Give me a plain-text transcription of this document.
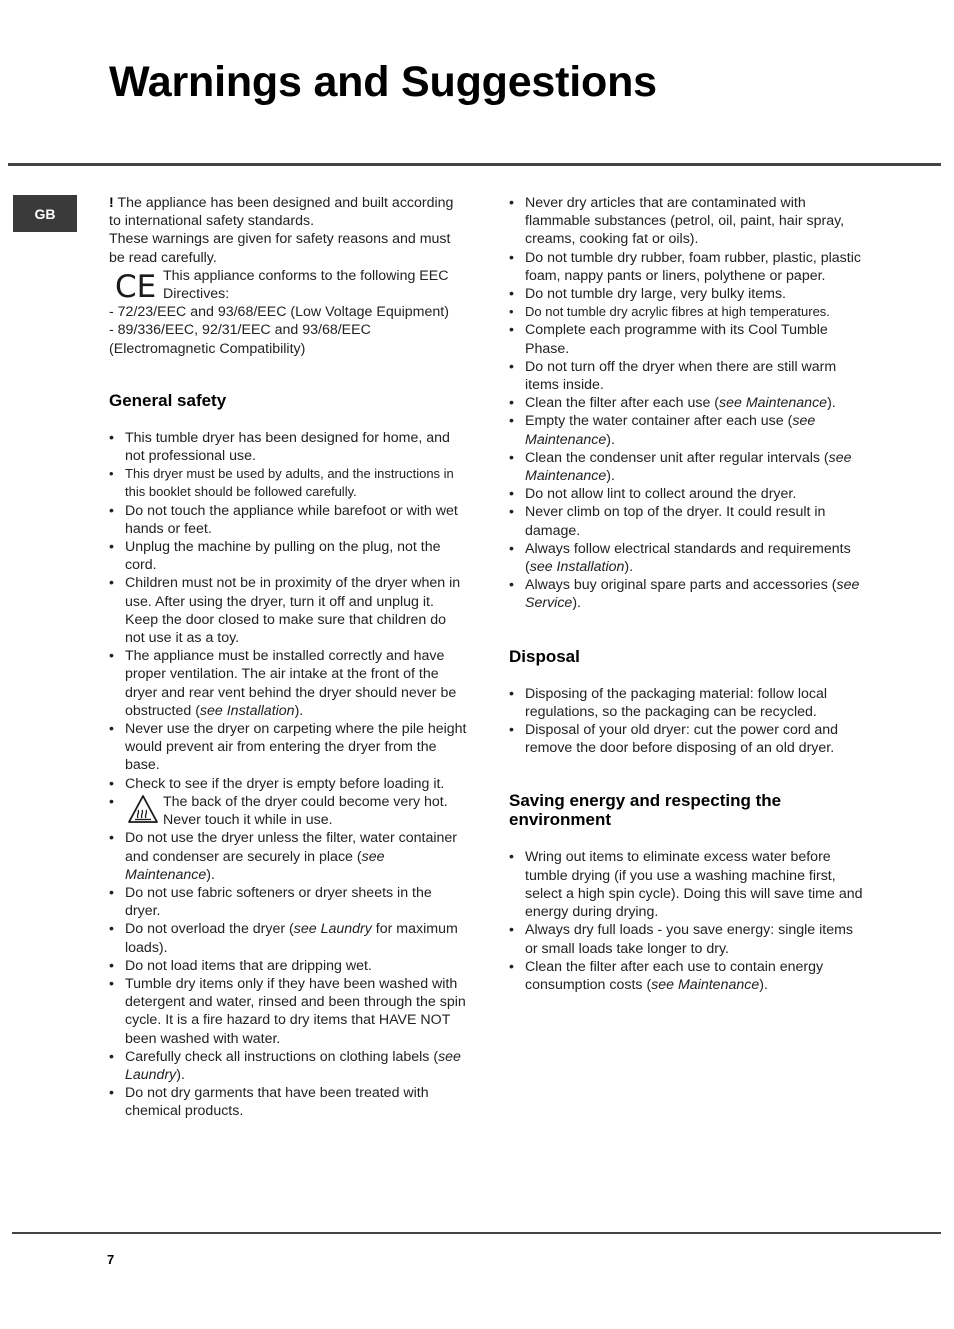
Warnings and Suggestions
GB

! The appliance has been designed and built according to international safety standards.

These warnings are given for safety reasons and must be read carefully.

CE This appliance conforms to the following EEC Directives:

- 72/23/EEC and 93/68/EEC (Low Voltage Equipment)

- 89/336/EEC, 92/31/EEC and 93/68/EEC (Electromagnetic Compatibility)

General safety
• This tumble dryer has been designed for home, and not professional use.
• This dryer must be used by adults, and the instructions in this booklet should be followed carefully.
• Do not touch the appliance while barefoot or with wet hands or feet.
• Unplug the machine by pulling on the plug, not the cord.
• Children must not be in proximity of the dryer when in use. After using the dryer, turn it off and unplug it. Keep the door closed to make sure that children do not use it as a toy.
• The appliance must be installed correctly and have proper ventilation. The air intake at the front of the dryer and rear vent behind the dryer should never be obstructed (see Installation).
• Never use the dryer on carpeting where the pile height would prevent air from entering the dryer from the base.
• Check to see if the dryer is empty before loading it.
• The back of the dryer could become very hot. Never touch it while in use.
• Do not use the dryer unless the filter, water container and condenser are securely in place (see Maintenance).
• Do not use fabric softeners or dryer sheets in the dryer.
• Do not overload the dryer (see Laundry for maximum loads).
• Do not load items that are dripping wet.
• Tumble dry items only if they have been washed with detergent and water, rinsed and been through the spin cycle. It is a fire hazard to dry items that HAVE NOT been washed with water.
• Carefully check all instructions on clothing labels (see Laundry).
• Do not dry garments that have been treated with chemical products.
• Never dry articles that are contaminated with flammable substances (petrol, oil, paint, hair spray, creams, cooking fat or oils).
• Do not tumble dry rubber, foam rubber, plastic, plastic foam, nappy pants or liners, polythene or paper.
• Do not tumble dry large, very bulky items.
• Do not tumble dry acrylic fibres at high temperatures.
• Complete each programme with its Cool Tumble Phase.
• Do not turn off the dryer when there are still warm items inside.
• Clean the filter after each use (see Maintenance).
• Empty the water container after each use (see Maintenance).
• Clean the condenser unit after regular intervals (see Maintenance).
• Do not allow lint to collect around the dryer.
• Never climb on top of the dryer. It could result in damage.
• Always follow electrical standards and requirements (see Installation).
• Always buy original spare parts and accessories (see Service).
Disposal
• Disposing of the packaging material: follow local regulations, so the packaging can be recycled.
• Disposal of your old dryer: cut the power cord and remove the door before disposing of an old dryer.
Saving energy and respecting the environment
• Wring out items to eliminate excess water before tumble drying (if you use a washing machine first, select a high spin cycle). Doing this will save time and energy during drying.
• Always dry full loads - you save energy: single items or small loads take longer to dry.
• Clean the filter after each use to contain energy consumption costs (see Maintenance).
7
